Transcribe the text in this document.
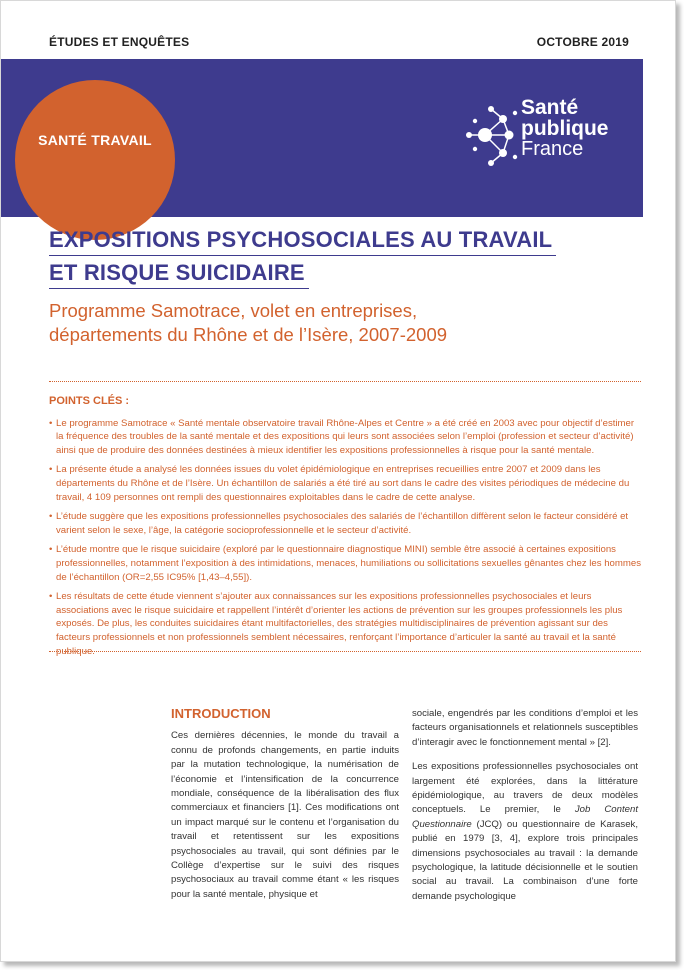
ÉTUDES ET ENQUÊTES	OCTOBRE 2019
SANTÉ TRAVAIL
Santé
publique
France
EXPOSITIONS PSYCHOSOCIALES AU TRAVAIL
ET RISQUE SUICIDAIRE
Programme Samotrace, volet en entreprises,
départements du Rhône et de l’Isère, 2007-2009
POINTS CLÉS :
• Le programme Samotrace « Santé mentale observatoire travail Rhône-Alpes et Centre » a été créé en 2003 avec pour objectif d’estimer la fréquence des troubles de la santé mentale et des expositions qui leurs sont associées selon l’emploi (profession et secteur d’activité) ainsi que de produire des données destinées à mieux identifier les expositions professionnelles à risque pour la santé mentale.
• La présente étude a analysé les données issues du volet épidémiologique en entreprises recueillies entre 2007 et 2009 dans les départements du Rhône et de l’Isère. Un échantillon de salariés a été tiré au sort dans le cadre des visites périodiques de médecine du travail, 4 109 personnes ont rempli des questionnaires exploitables dans le cadre de cette analyse.
• L’étude suggère que les expositions professionnelles psychosociales des salariés de l’échantillon diffèrent selon le facteur considéré et varient selon le sexe, l’âge, la catégorie socioprofessionnelle et le secteur d’activité.
• L’étude montre que le risque suicidaire (exploré par le questionnaire diagnostique MINI) semble être associé à certaines expositions professionnelles, notamment l’exposition à des intimidations, menaces, humiliations ou sollicitations sexuelles gênantes chez les hommes de l’échantillon (OR=2,55 IC95% [1,43–4,55]).
• Les résultats de cette étude viennent s’ajouter aux connaissances sur les expositions professionnelles psychosociales et leurs associations avec le risque suicidaire et rappellent l’intérêt d’orienter les actions de prévention sur les groupes professionnels les plus exposés. De plus, les conduites suicidaires étant multifactorielles, des stratégies multidisciplinaires de prévention agissant sur des facteurs professionnels et non professionnels semblent nécessaires, renforçant l’importance d’articuler la santé au travail et la santé publique.
INTRODUCTION

Ces dernières décennies, le monde du travail a connu de profonds changements, en partie induits par la mutation technologique, la numérisation de l’économie et l’intensification de la concurrence mondiale, conséquence de la libéralisation des flux commerciaux et financiers [1]. Ces modifications ont un impact marqué sur le contenu et l’organisation du travail et retentissent sur les expositions psychosociales au travail, qui sont définies par le Collège d’expertise sur le suivi des risques psychosociaux au travail comme étant « les risques pour la santé mentale, physique et

sociale, engendrés par les conditions d’emploi et les facteurs organisationnels et relationnels susceptibles d’interagir avec le fonctionnement mental » [2].

Les expositions professionnelles psychosociales ont largement été explorées, dans la littérature épidémiologique, au travers de deux modèles conceptuels. Le premier, le Job Content Questionnaire (JCQ) ou questionnaire de Karasek, publié en 1979 [3, 4], explore trois principales dimensions psychosociales au travail : la demande psychologique, la latitude décisionnelle et le soutien social au travail. La combinaison d’une forte demande psychologique
